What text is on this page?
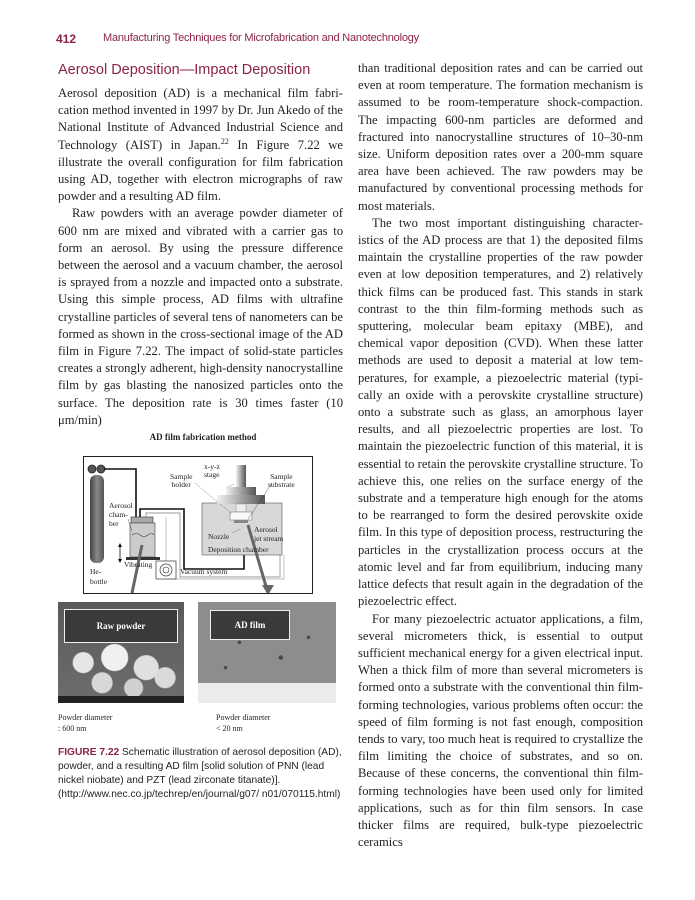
412 Manufacturing Techniques for Microfabrication and Nanotechnology
Aerosol Deposition—Impact Deposition

Aerosol deposition (AD) is a mechanical film fabrication method invented in 1997 by Dr. Jun Akedo of the National Institute of Advanced Industrial Science and Technology (AIST) in Japan.$^{22}$ In Figure 7.22 we illustrate the overall configuration for film fabrication using AD, together with electron micrographs of raw powder and a resulting AD film.

Raw powders with an average powder diameter of 600 nm are mixed and vibrated with a carrier gas to form an aerosol. By using the pressure difference between the aerosol and a vacuum chamber, the aerosol is sprayed from a nozzle and impacted onto a substrate. Using this simple process, AD films with ultrafine crystalline particles of several tens of nanometers can be formed as shown in the cross-sectional image of the AD film in Figure 7.22. The impact of solid-state particles creates a strongly adherent, high-density nanocrystalline film by gas blasting the nanosized particles onto the surface. The deposition rate is 30 times faster (10 μm/min)

AD film fabrication method
x-y-z
stage
Sample
holder
Sample
substrate
Aerosol
cham-
ber
Nozzle
Aerosol
jet stream
Deposition chamber
Vibrating
He-
bottle
Vacuum system
Raw powder	AD film
Powder diameter
: 600 nm
Powder diameter
< 20 nm
FIGURE 7.22 Schematic illustration of aerosol deposition (AD), powder, and a resulting AD film [solid solution of PNN (lead nickel niobate) and PZT (lead zirconate titanate)]. (http://www.nec.co.jp/techrep/en/journal/g07/ n01/070115.html)

than traditional deposition rates and can be carried out even at room temperature. The formation mechanism is assumed to be room-temperature shock-compaction. The impacting 600-nm particles are deformed and fractured into nanocrystalline structures of 10–30-nm size. Uniform deposition rates over a 200-mm square area have been achieved. The raw powders may be manufactured by conventional processing methods for most materials.

The two most important distinguishing characteristics of the AD process are that 1) the deposited films maintain the crystalline properties of the raw powder even at low deposition temperatures, and 2) relatively thick films can be produced fast. This stands in stark contrast to the thin film-forming methods such as sputtering, molecular beam epitaxy (MBE), and chemical vapor deposition (CVD). When these latter methods are used to deposit a material at low temperatures, for example, a piezoelectric material (typically an oxide with a perovskite crystalline structure) onto a substrate such as glass, an amorphous layer results, and all piezoelectric properties are lost. To maintain the piezoelectric function of this material, it is essential to retain the perovskite crystalline structure. To achieve this, one relies on the surface energy of the substrate and a temperature high enough for the atoms to be rearranged to form the desired perovskite oxide film. In this type of deposition process, restructuring the particles in the crystallization process occurs at the atomic level and far from equilibrium, inducing many lattice defects that result again in the degradation of the piezoelectric effect.

For many piezoelectric actuator applications, a film, several micrometers thick, is essential to output sufficient mechanical energy for a given electrical input. When a thick film of more than several micrometers is formed onto a substrate with the conventional thin film-forming technologies, various problems often occur: the speed of film forming is not fast enough, composition tends to vary, too much heat is required to crystallize the film limiting the choice of substrates, and so on. Because of these concerns, the conventional thin film-forming technologies have been used only for limited applications, such as for thin film sensors. In case thicker films are required, bulk-type piezoelectric ceramics
